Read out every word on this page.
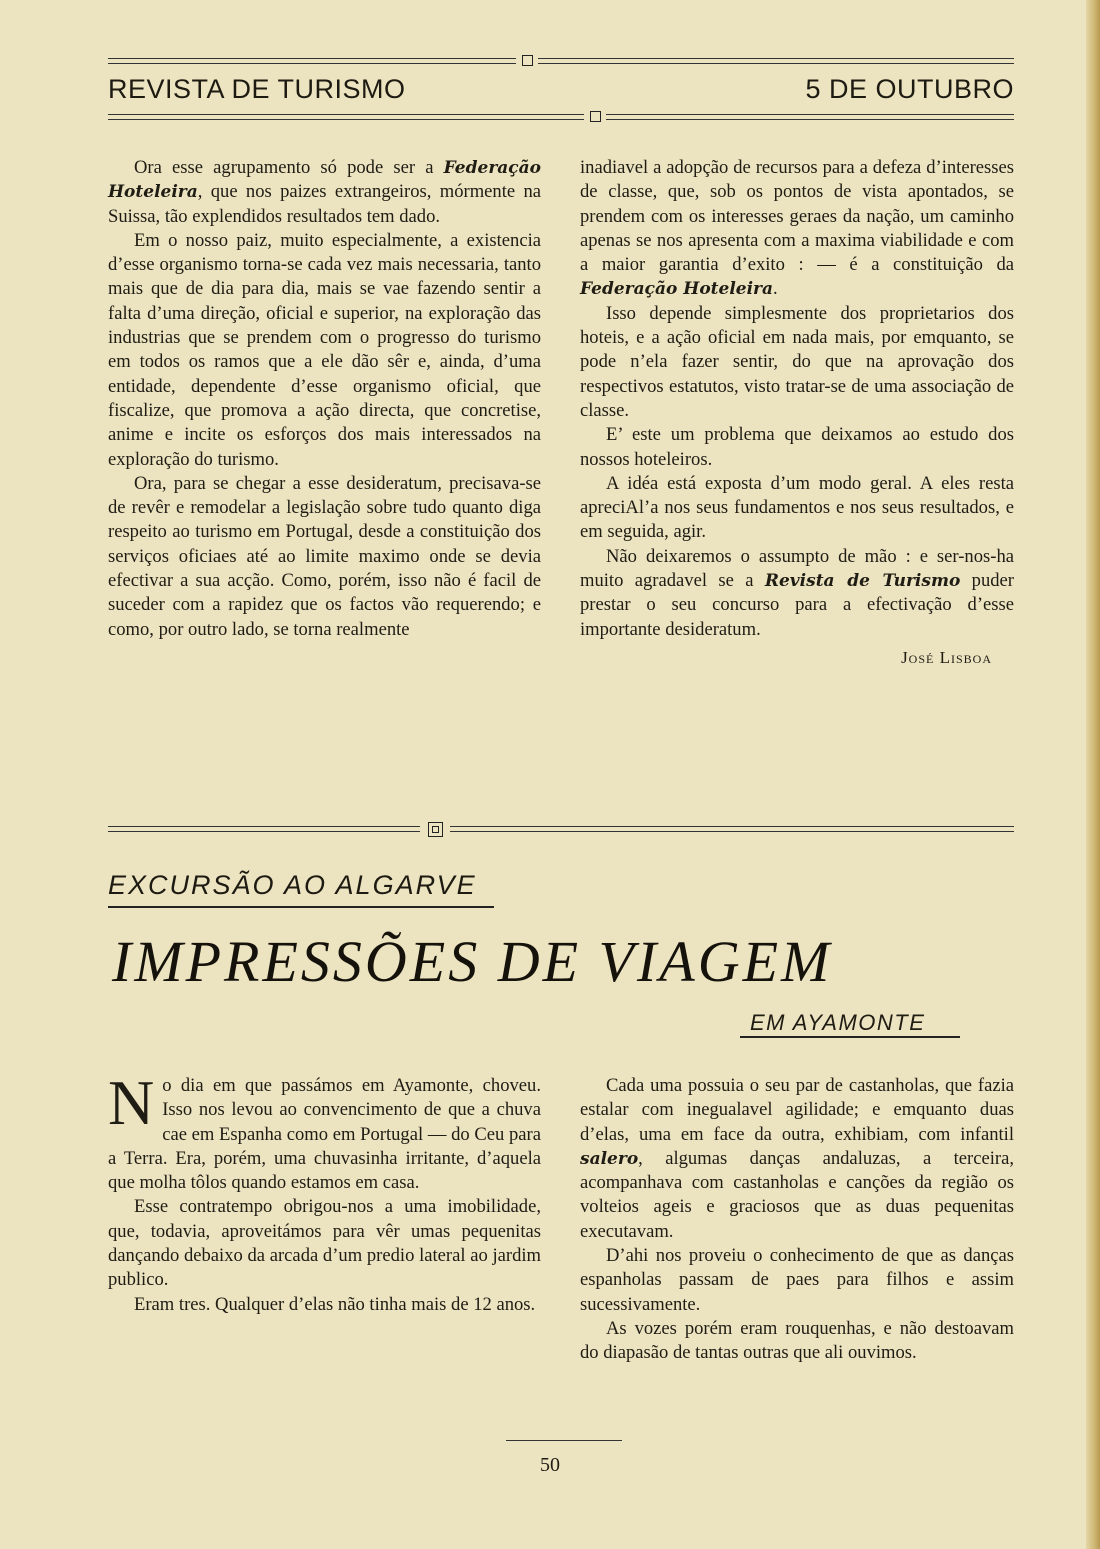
REVISTA DE TURISMO	5 DE OUTUBRO

Ora esse agrupamento só pode ser a Federação Hoteleira, que nos paizes extrangeiros, mórmente na Suissa, tão explendidos resultados tem dado.

Em o nosso paiz, muito especialmente, a existencia d’esse organismo torna-se cada vez mais necessaria, tanto mais que de dia para dia, mais se vae fazendo sentir a falta d’uma direção, oficial e superior, na exploração das industrias que se prendem com o progresso do turismo em todos os ramos que a ele dão sêr e, ainda, d’uma entidade, dependente d’esse organismo oficial, que fiscalize, que promova a ação directa, que concretise, anime e incite os esforços dos mais interessados na exploração do turismo.

Ora, para se chegar a esse desideratum, precisava-se de revêr e remodelar a legislação sobre tudo quanto diga respeito ao turismo em Portugal, desde a constituição dos serviços oficiaes até ao limite maximo onde se devia efectivar a sua acção. Como, porém, isso não é facil de suceder com a rapidez que os factos vão requerendo; e como, por outro lado, se torna realmente

inadiavel a adopção de recursos para a defeza d’interesses de classe, que, sob os pontos de vista apontados, se prendem com os interesses geraes da nação, um caminho apenas se nos apresenta com a maxima viabilidade e com a maior garantia d’exito : — é a constituição da Federação Hoteleira.

Isso depende simplesmente dos proprietarios dos hoteis, e a ação oficial em nada mais, por emquanto, se pode n’ela fazer sentir, do que na aprovação dos respectivos estatutos, visto tratar-se de uma associação de classe.

E’ este um problema que deixamos ao estudo dos nossos hoteleiros.

A idéa está exposta d’um modo geral. A eles resta apreciAl’a nos seus fundamentos e nos seus resultados, e em seguida, agir.

Não deixaremos o assumpto de mão : e ser-nos-ha muito agradavel se a Revista de Turismo puder prestar o seu concurso para a efectivação d’esse importante desideratum.

José Lisboa
EXCURSÃO AO ALGARVE
IMPRESSÕES DE VIAGEM
EM AYAMONTE
N o dia em que passámos em Ayamonte, choveu. Isso nos levou ao convencimento de que a chuva cae em Espanha como em Portugal — do Ceu para a Terra. Era, porém, uma chuvasinha irritante, d’aquela que molha tôlos quando estamos em casa.

Esse contratempo obrigou-nos a uma imobilidade, que, todavia, aproveitámos para vêr umas pequenitas dançando debaixo da arcada d’um predio lateral ao jardim publico.

Eram tres. Qualquer d’elas não tinha mais de 12 anos.

Cada uma possuia o seu par de castanholas, que fazia estalar com inegualavel agilidade; e emquanto duas d’elas, uma em face da outra, exhibiam, com infantil salero, algumas danças andaluzas, a terceira, acompanhava com castanholas e canções da região os volteios ageis e graciosos que as duas pequenitas executavam.

D’ahi nos proveiu o conhecimento de que as danças espanholas passam de paes para filhos e assim sucessivamente.

As vozes porém eram rouquenhas, e não destoavam do diapasão de tantas outras que ali ouvimos.

50
